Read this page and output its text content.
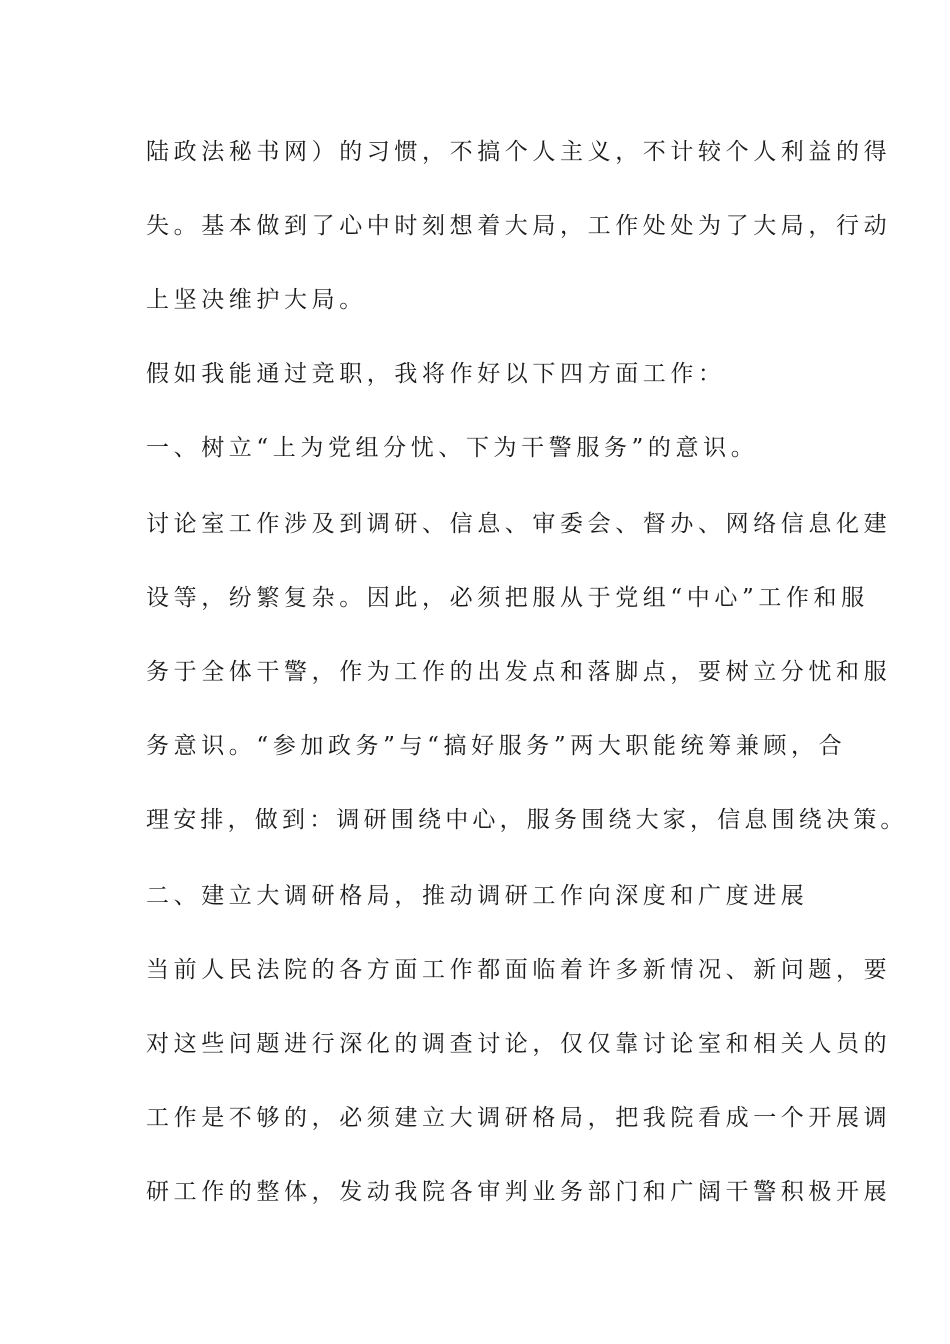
陆政法秘书网）的习惯，不搞个人主义，不计较个人利益的得
失。基本做到了心中时刻想着大局，工作处处为了大局，行动
上坚决维护大局。
假如我能通过竞职，我将作好以下四方面工作：
一、树立“上为党组分忧、下为干警服务”的意识。
讨论室工作涉及到调研、信息、审委会、督办、网络信息化建
设等，纷繁复杂。因此，必须把服从于党组“中心”工作和服
务于全体干警，作为工作的出发点和落脚点，要树立分忧和服
务意识。“参加政务”与“搞好服务”两大职能统筹兼顾，合
理安排，做到：调研围绕中心，服务围绕大家，信息围绕决策。
二、建立大调研格局，推动调研工作向深度和广度进展
当前人民法院的各方面工作都面临着许多新情况、新问题，要
对这些问题进行深化的调查讨论，仅仅靠讨论室和相关人员的
工作是不够的，必须建立大调研格局，把我院看成一个开展调
研工作的整体，发动我院各审判业务部门和广阔干警积极开展
